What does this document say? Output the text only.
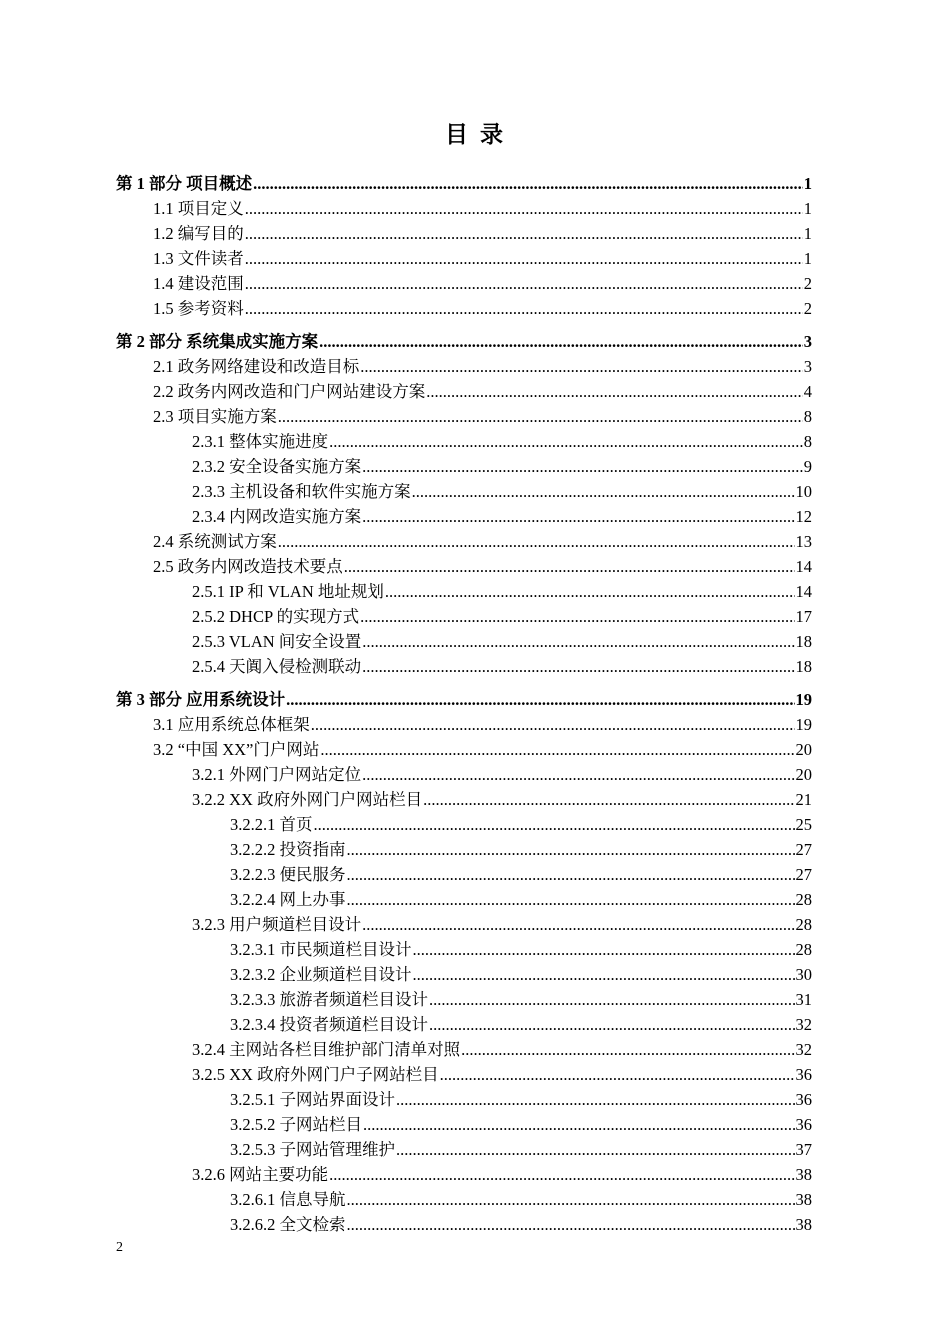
目 录
第 1 部分 项目概述 .....	1
1.1 项目定义 .....	1
1.2 编写目的 .....	1
1.3 文件读者 .....	1
1.4 建设范围 .....	2
1.5 参考资料 .....	2
第 2 部分 系统集成实施方案 .....	3
2.1 政务网络建设和改造目标 .....	3
2.2 政务内网改造和门户网站建设方案 .....	4
2.3 项目实施方案 .....	8
2.3.1 整体实施进度 .....	8
2.3.2 安全设备实施方案 .....	9
2.3.3 主机设备和软件实施方案 .....	10
2.3.4 内网改造实施方案 .....	12
2.4 系统测试方案 .....	13
2.5 政务内网改造技术要点 .....	14
2.5.1 IP 和 VLAN 地址规划 .....	14
2.5.2 DHCP 的实现方式 .....	17
2.5.3 VLAN 间安全设置 .....	18
2.5.4 天阗入侵检测联动 .....	18
第 3 部分 应用系统设计 .....	19
3.1 应用系统总体框架 .....	19
3.2 “中国 XX”门户网站 .....	20
3.2.1 外网门户网站定位 .....	20
3.2.2 XX 政府外网门户网站栏目 .....	21
3.2.2.1 首页 .....	25
3.2.2.2 投资指南 .....	27
3.2.2.3 便民服务 .....	27
3.2.2.4 网上办事 .....	28
3.2.3 用户频道栏目设计 .....	28
3.2.3.1 市民频道栏目设计 .....	28
3.2.3.2 企业频道栏目设计 .....	30
3.2.3.3 旅游者频道栏目设计 .....	31
3.2.3.4 投资者频道栏目设计 .....	32
3.2.4 主网站各栏目维护部门清单对照 .....	32
3.2.5 XX 政府外网门户子网站栏目 .....	36
3.2.5.1 子网站界面设计 .....	36
3.2.5.2 子网站栏目 .....	36
3.2.5.3 子网站管理维护 .....	37
3.2.6 网站主要功能 .....	38
3.2.6.1 信息导航 .....	38
3.2.6.2 全文检索 .....	38
2
